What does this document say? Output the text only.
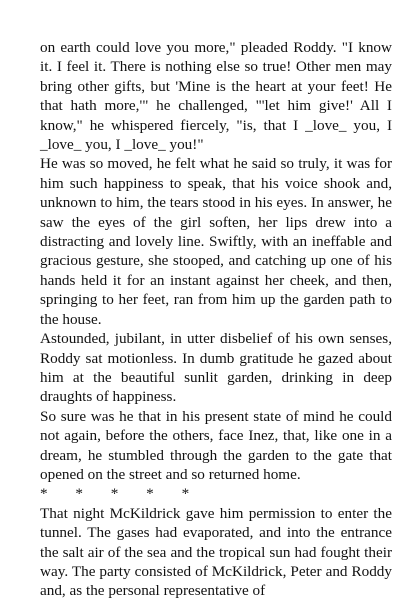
on earth could love you more," pleaded Roddy. "I know it. I feel it. There is nothing else so true! Other men may bring other gifts, but 'Mine is the heart at your feet! He that hath more,'" he challenged, "'let him give!' All I know," he whispered fiercely, "is, that I _love_ you, I _love_ you, I _love_ you!"

He was so moved, he felt what he said so truly, it was for him such happiness to speak, that his voice shook and, unknown to him, the tears stood in his eyes. In answer, he saw the eyes of the girl soften, her lips drew into a distracting and lovely line. Swiftly, with an ineffable and gracious gesture, she stooped, and catching up one of his hands held it for an instant against her cheek, and then, springing to her feet, ran from him up the garden path to the house.

Astounded, jubilant, in utter disbelief of his own senses, Roddy sat motionless. In dumb gratitude he gazed about him at the beautiful sunlit garden, drinking in deep draughts of happiness.

So sure was he that in his present state of mind he could not again, before the others, face Inez, that, like one in a dream, he stumbled through the garden to the gate that opened on the street and so returned home.

* * * * *

That night McKildrick gave him permission to enter the tunnel. The gases had evaporated, and into the entrance the salt air of the sea and the tropical sun had fought their way. The party consisted of McKildrick, Peter and Roddy and, as the personal representative of
